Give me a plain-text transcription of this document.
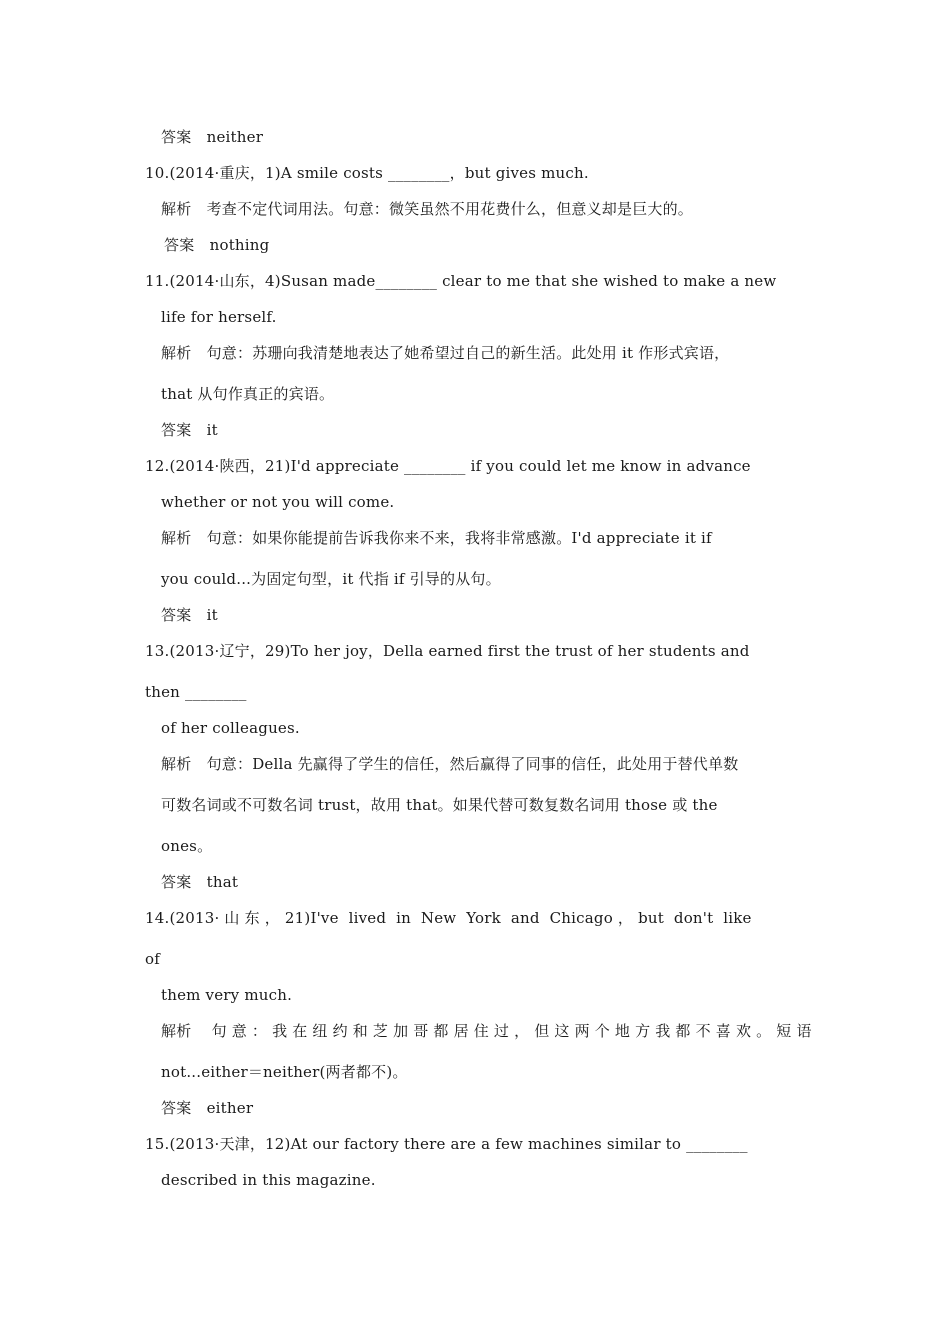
答案　neither
10.(2014·重庆，1)A smile costs ________，but gives much.
解析　考查不定代词用法。句意：微笑虽然不用花费什么，但意义却是巨大的。
答案　nothing
11.(2014·山东，4)Susan made________ clear to me that she wished to make a new
life for herself.
解析　句意：苏珊向我清楚地表达了她希望过自己的新生活。此处用 it 作形式宾语，
that 从句作真正的宾语。
答案　it
12.(2014·陕西，21)I'd appreciate ________ if you could let me know in advance
whether or not you will come.
解析　句意：如果你能提前告诉我你来不来，我将非常感激。I'd appreciate it if
you could...为固定句型，it 代指 if 引导的从句。
答案　it
13.(2013·辽宁，29)To her joy，Della earned first the trust of her students and
then ________
of her colleagues.
解析　句意：Della 先赢得了学生的信任，然后赢得了同事的信任，此处用于替代单数
可数名词或不可数名词 trust，故用 that。如果代替可数复数名词用 those 或 the
ones。
答案　that
14.(2013· 山 东 ， 21)I've  lived  in  New  York  and  Chicago ， but  don't  like
of
them very much.
解析　 句 意 ： 我 在 纽 约 和 芝 加 哥 都 居 住 过 ， 但 这 两 个 地 方 我 都 不 喜 欢 。 短 语
not...either＝neither(两者都不)。
答案　either
15.(2013·天津，12)At our factory there are a few machines similar to ________
described in this magazine.
